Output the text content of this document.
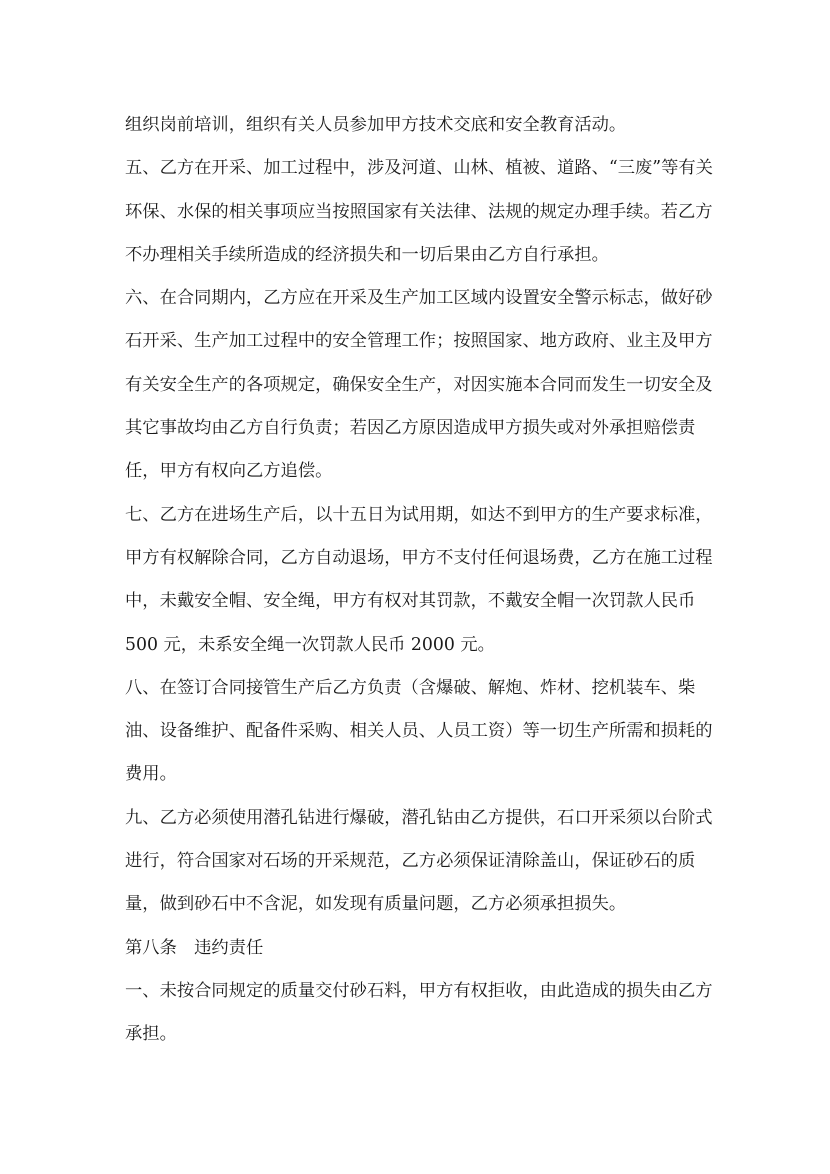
组织岗前培训，组织有关人员参加甲方技术交底和安全教育活动。
五、乙方在开采、加工过程中，涉及河道、山林、植被、道路、“三废”等有关
环保、水保的相关事项应当按照国家有关法律、法规的规定办理手续。若乙方
不办理相关手续所造成的经济损失和一切后果由乙方自行承担。
六、在合同期内，乙方应在开采及生产加工区域内设置安全警示标志，做好砂
石开采、生产加工过程中的安全管理工作；按照国家、地方政府、业主及甲方
有关安全生产的各项规定，确保安全生产，对因实施本合同而发生一切安全及
其它事故均由乙方自行负责；若因乙方原因造成甲方损失或对外承担赔偿责
任，甲方有权向乙方追偿。
七、乙方在进场生产后，以十五日为试用期，如达不到甲方的生产要求标准，
甲方有权解除合同，乙方自动退场，甲方不支付任何退场费，乙方在施工过程
中，未戴安全帽、安全绳，甲方有权对其罚款，不戴安全帽一次罚款人民币
500 元，未系安全绳一次罚款人民币 2000 元。
八、在签订合同接管生产后乙方负责（含爆破、解炮、炸材、挖机装车、柴
油、设备维护、配备件采购、相关人员、人员工资）等一切生产所需和损耗的
费用。
九、乙方必须使用潜孔钻进行爆破，潜孔钻由乙方提供，石口开采须以台阶式
进行，符合国家对石场的开采规范，乙方必须保证清除盖山，保证砂石的质
量，做到砂石中不含泥，如发现有质量问题，乙方必须承担损失。
第八条　违约责任
一、未按合同规定的质量交付砂石料，甲方有权拒收，由此造成的损失由乙方
承担。
